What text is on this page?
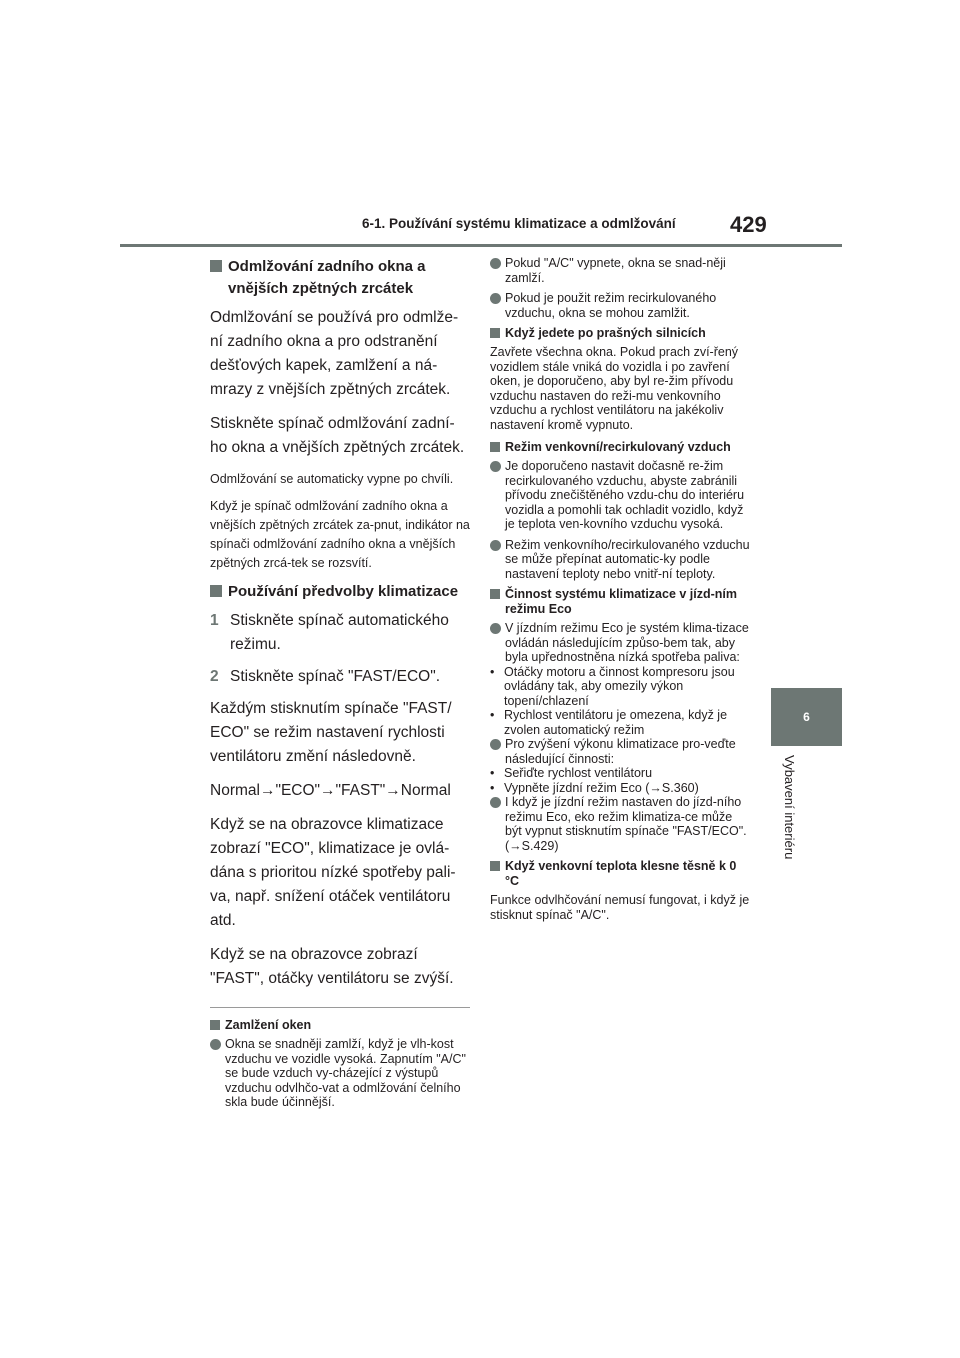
6-1. Používání systému klimatizace a odmlžování 429
6
Vybavení interiéru
Odmlžování zadního okna a vnějších zpětných zrcátek

Odmlžování se používá pro odmlže-ní zadního okna a pro odstranění dešťových kapek, zamlžení a ná-mrazy z vnějších zpětných zrcátek.

Stiskněte spínač odmlžování zadní-ho okna a vnějších zpětných zrcátek.

Odmlžování se automaticky vypne po chvíli.

Když je spínač odmlžování zadního okna a vnějších zpětných zrcátek za-pnut, indikátor na spínači odmlžování zadního okna a vnějších zpětných zrcá-tek se rozsvítí.

Používání předvolby klimatizace
1 Stiskněte spínač automatického režimu.
2 Stiskněte spínač "FAST/ECO".

Každým stisknutím spínače "FAST/ ECO" se režim nastavení rychlosti ventilátoru změní následovně.

Normal→"ECO"→"FAST"→Normal

Když se na obrazovce klimatizace zobrazí "ECO", klimatizace je ovlá-dána s prioritou nízké spotřeby pali-va, např. snížení otáček ventilátoru atd.

Když se na obrazovce zobrazí "FAST", otáčky ventilátoru se zvýší.

Zamlžení oken
Okna se snadněji zamlží, když je vlh-kost vzduchu ve vozidle vysoká. Zapnutím "A/C" se bude vzduch vy-cházející z výstupů vzduchu odvlhčo-vat a odmlžování čelního skla bude účinnější.
Pokud "A/C" vypnete, okna se snad-něji zamlží.
Pokud je použit režim recirkulovaného vzduchu, okna se mohou zamlžit.
Když jedete po prašných silnicích

Zavřete všechna okna. Pokud prach zví-řený vozidlem stále vniká do vozidla i po zavření oken, je doporučeno, aby byl re-žim přívodu vzduchu nastaven do reži-mu venkovního vzduchu a rychlost ventilátoru na jakékoliv nastavení kromě vypnuto.

Režim venkovní/recirkulovaný vzduch
Je doporučeno nastavit dočasně re-žim recirkulovaného vzduchu, abyste zabránili přívodu znečištěného vzdu-chu do interiéru vozidla a pomohli tak ochladit vozidlo, když je teplota ven-kovního vzduchu vysoká.
Režim venkovního/recirkulovaného vzduchu se může přepínat automatic-ky podle nastavení teploty nebo vnitř-ní teploty.
Činnost systému klimatizace v jízd-ním režimu Eco
V jízdním režimu Eco je systém klima-tizace ovládán následujícím způso-bem tak, aby byla upřednostněna nízká spotřeba paliva:
• Otáčky motoru a činnost kompresoru jsou ovládány tak, aby omezily výkon topení/chlazení
• Rychlost ventilátoru je omezena, když je zvolen automatický režim
Pro zvýšení výkonu klimatizace pro-veďte následující činnosti:
• Seřiďte rychlost ventilátoru
• Vypněte jízdní režim Eco (→S.360)
I když je jízdní režim nastaven do jízd-ního režimu Eco, eko režim klimatiza-ce může být vypnut stisknutím spínače "FAST/ECO". (→S.429)
Když venkovní teplota klesne těsně k 0 °C

Funkce odvlhčování nemusí fungovat, i když je stisknut spínač "A/C".
